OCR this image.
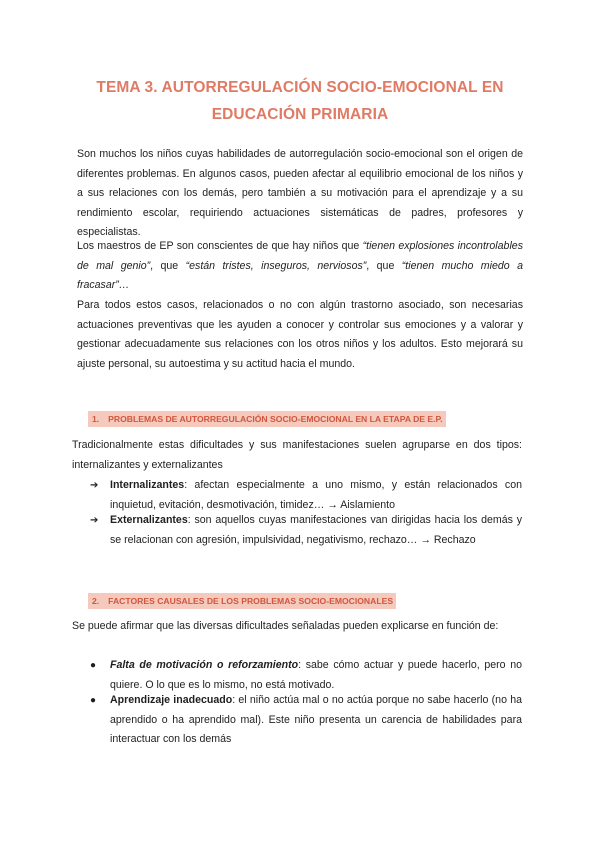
TEMA 3. AUTORREGULACIÓN SOCIO-EMOCIONAL EN
EDUCACIÓN PRIMARIA
Son muchos los niños cuyas habilidades de autorregulación socio-emocional son el origen de diferentes problemas. En algunos casos, pueden afectar al equilibrio emocional de los niños y a sus relaciones con los demás, pero también a su motivación para el aprendizaje y a su rendimiento escolar, requiriendo actuaciones sistemáticas de padres, profesores y especialistas.
Los maestros de EP son conscientes de que hay niños que “tienen explosiones incontrolables de mal genio”, que “están tristes, inseguros, nerviosos”, que “tienen mucho miedo a fracasar”…
Para todos estos casos, relacionados o no con algún trastorno asociado, son necesarias actuaciones preventivas que les ayuden a conocer y controlar sus emociones y a valorar y gestionar adecuadamente sus relaciones con los otros niños y los adultos. Esto mejorará su ajuste personal, su autoestima y su actitud hacia el mundo.
1. PROBLEMAS DE AUTORREGULACIÓN SOCIO-EMOCIONAL EN LA ETAPA DE E.P.
Tradicionalmente estas dificultades y sus manifestaciones suelen agruparse en dos tipos: internalizantes y externalizantes
➔	Internalizantes: afectan especialmente a uno mismo, y están relacionados con inquietud, evitación, desmotivación, timidez… → Aislamiento
➔	Externalizantes: son aquellos cuyas manifestaciones van dirigidas hacia los demás y se relacionan con agresión, impulsividad, negativismo, rechazo… → Rechazo
2. FACTORES CAUSALES DE LOS PROBLEMAS SOCIO-EMOCIONALES
Se puede afirmar que las diversas dificultades señaladas pueden explicarse en función de:
●	Falta de motivación o reforzamiento: sabe cómo actuar y puede hacerlo, pero no quiere. O lo que es lo mismo, no está motivado.
●	Aprendizaje inadecuado: el niño actúa mal o no actúa porque no sabe hacerlo (no ha aprendido o ha aprendido mal). Este niño presenta un carencia de habilidades para interactuar con los demás
